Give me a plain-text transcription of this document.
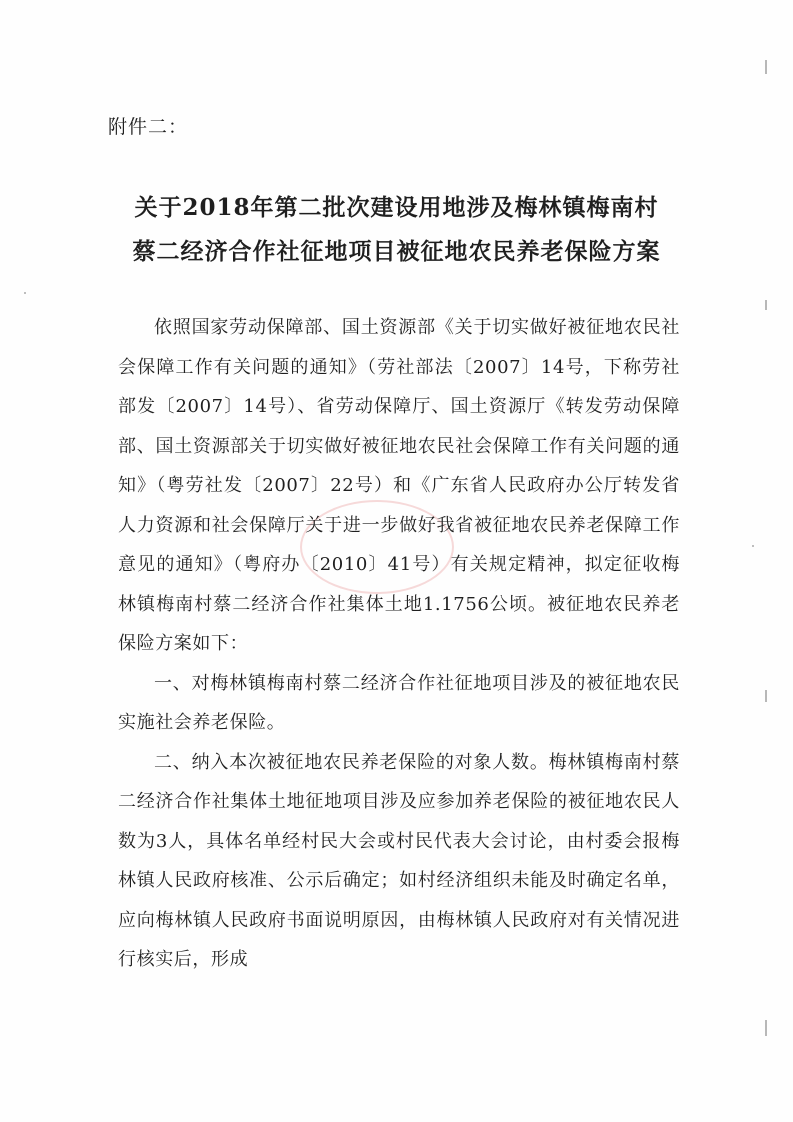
附件二：
关于2018年第二批次建设用地涉及梅林镇梅南村
蔡二经济合作社征地项目被征地农民养老保险方案

依照国家劳动保障部、国土资源部《关于切实做好被征地农民社会保障工作有关问题的通知》（劳社部法〔2007〕14号，下称劳社部发〔2007〕14号）、省劳动保障厅、国土资源厅《转发劳动保障部、国土资源部关于切实做好被征地农民社会保障工作有关问题的通知》（粤劳社发〔2007〕22号）和《广东省人民政府办公厅转发省人力资源和社会保障厅关于进一步做好我省被征地农民养老保障工作意见的通知》（粤府办〔2010〕41号）有关规定精神，拟定征收梅林镇梅南村蔡二经济合作社集体土地1.1756公顷。被征地农民养老保险方案如下：

一、对梅林镇梅南村蔡二经济合作社征地项目涉及的被征地农民实施社会养老保险。

二、纳入本次被征地农民养老保险的对象人数。梅林镇梅南村蔡二经济合作社集体土地征地项目涉及应参加养老保险的被征地农民人数为3人，具体名单经村民大会或村民代表大会讨论，由村委会报梅林镇人民政府核准、公示后确定；如村经济组织未能及时确定名单，应向梅林镇人民政府书面说明原因，由梅林镇人民政府对有关情况进行核实后，形成
